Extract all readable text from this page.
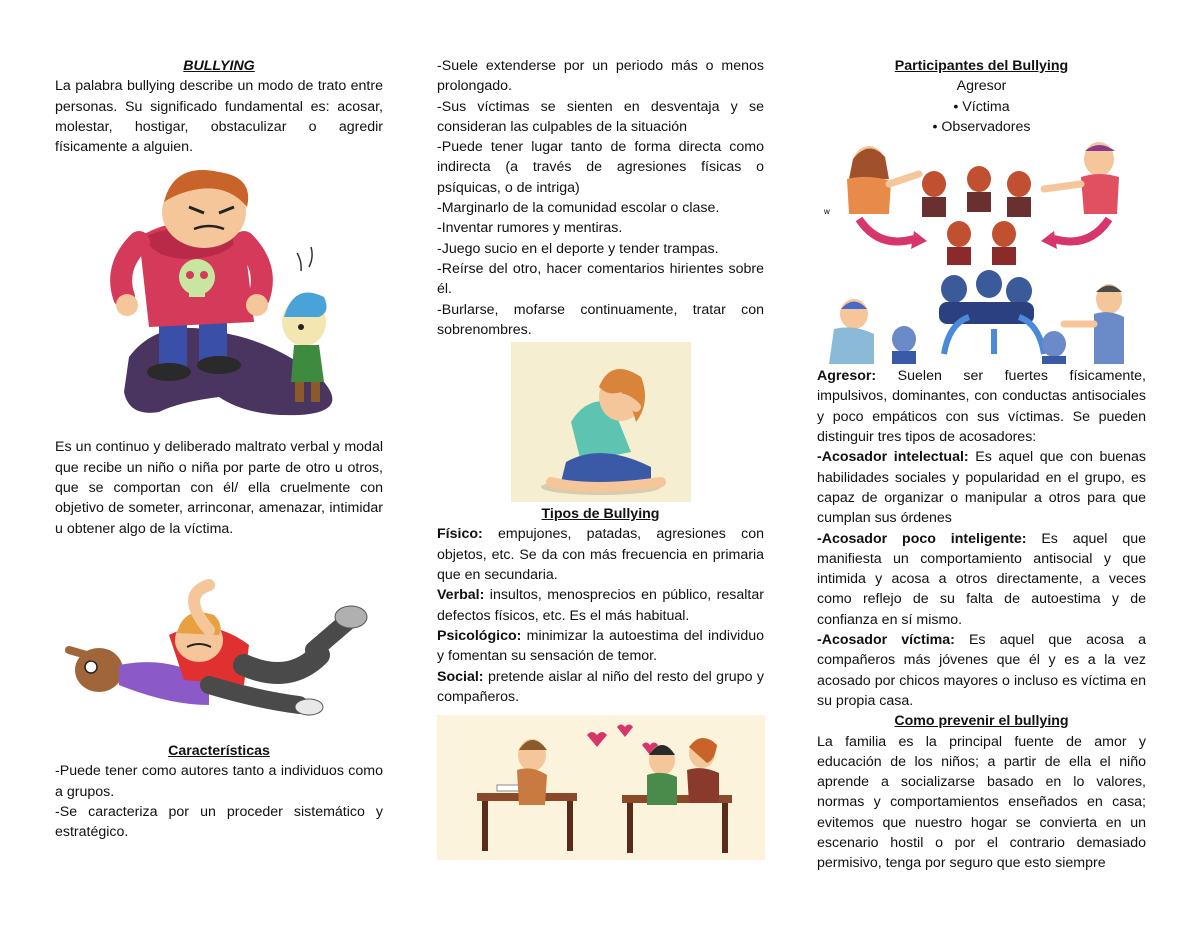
BULLYING

La palabra bullying describe un modo de trato entre personas. Su significado fundamental es: acosar, molestar, hostigar, obstaculizar o agredir físicamente a alguien.

Es un continuo y deliberado maltrato verbal y modal que recibe un niño o niña por parte de otro u otros, que se comportan con él/ ella cruelmente con objetivo de someter, arrinconar, amenazar, intimidar u obtener algo de la víctima.

Características

-Puede tener como autores tanto a individuos como a grupos.

-Se caracteriza por un proceder sistemático y estratégico.

-Suele extenderse por un periodo más o menos prolongado.

-Sus víctimas se sienten en desventaja y se consideran las culpables de la situación

-Puede tener lugar tanto de forma directa como indirecta (a través de agresiones físicas o psíquicas, o de intriga)

-Marginarlo de la comunidad escolar o clase.

-Inventar rumores y mentiras.

-Juego sucio en el deporte y tender trampas.

-Reírse del otro, hacer comentarios hirientes sobre él.

-Burlarse, mofarse continuamente, tratar con sobrenombres.

Tipos de Bullying

Físico: empujones, patadas, agresiones con objetos, etc. Se da con más frecuencia en primaria que en secundaria.

Verbal: insultos, menosprecios en público, resaltar defectos físicos, etc. Es el más habitual.

Psicológico: minimizar la autoestima del individuo y fomentan su sensación de temor.

Social: pretende aislar al niño del resto del grupo y compañeros.

Participantes del Bullying

Agresor

• Víctima

• Observadores

w

Agresor: Suelen ser fuertes físicamente, impulsivos, dominantes, con conductas antisociales y poco empáticos con sus víctimas. Se pueden distinguir tres tipos de acosadores:

-Acosador intelectual: Es aquel que con buenas habilidades sociales y popularidad en el grupo, es capaz de organizar o manipular a otros para que cumplan sus órdenes

-Acosador poco inteligente: Es aquel que manifiesta un comportamiento antisocial y que intimida y acosa a otros directamente, a veces como reflejo de su falta de autoestima y de confianza en sí mismo.

-Acosador víctima: Es aquel que acosa a compañeros más jóvenes que él y es a la vez acosado por chicos mayores o incluso es víctima en su propia casa.

Como prevenir el bullying

La familia es la principal fuente de amor y educación de los niños; a partir de ella el niño aprende a socializarse basado en lo valores, normas y comportamientos enseñados en casa; evitemos que nuestro hogar se convierta en un escenario hostil o por el contrario demasiado permisivo, tenga por seguro que esto siempre
